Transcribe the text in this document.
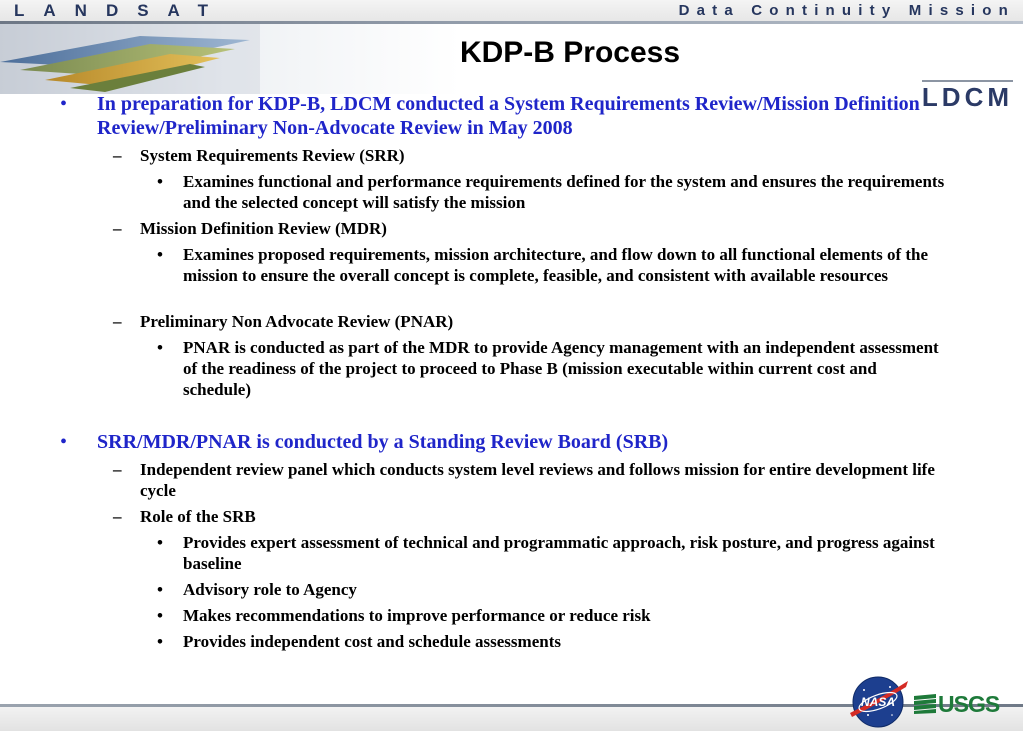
LANDSAT	Data Continuity Mission
KDP-B Process
LDCM
• In preparation for KDP-B, LDCM conducted a System Requirements Review/Mission Definition Review/Preliminary Non-Advocate Review in May 2008
– System Requirements Review (SRR)
• Examines functional and performance requirements defined for the system and ensures the requirements and the selected concept will satisfy the mission
– Mission Definition Review (MDR)
• Examines proposed requirements, mission architecture, and flow down to all functional elements of the mission to ensure the overall concept is complete, feasible, and consistent with available resources
– Preliminary Non Advocate Review (PNAR)
• PNAR is conducted as part of the MDR to provide Agency management with an independent assessment of the readiness of the project to proceed to Phase B (mission executable within current cost and schedule)
• SRR/MDR/PNAR is conducted by a Standing Review Board (SRB)
– Independent review panel which conducts system level reviews and follows mission for entire development life cycle
– Role of the SRB
• Provides expert assessment of technical and programmatic approach, risk posture, and progress against baseline
• Advisory role to Agency
• Makes recommendations to improve performance or reduce risk
• Provides independent cost and schedule assessments
NASA USGS
